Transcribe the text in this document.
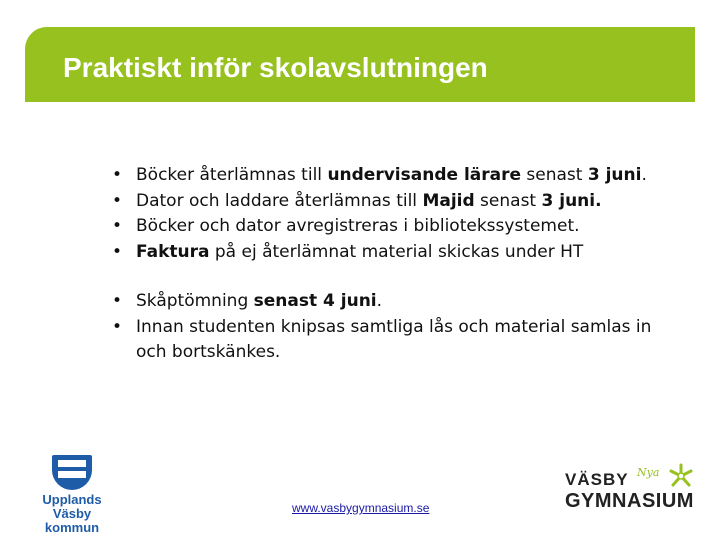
Praktiskt inför skolavslutningen
• Böcker återlämnas till undervisande lärare senast 3 juni.
• Dator och laddare återlämnas till Majid senast 3 juni.
• Böcker och dator avregistreras i bibliotekssystemet.
• Faktura på ej återlämnat material skickas under HT
• Skåptömning senast 4 juni.
• Innan studenten knipsas samtliga lås och material samlas in och bortskänkes.
Upplands Väsby
kommun
www.vasbygymnasium.se
VÄSBY Nya
GYMNASIUM
